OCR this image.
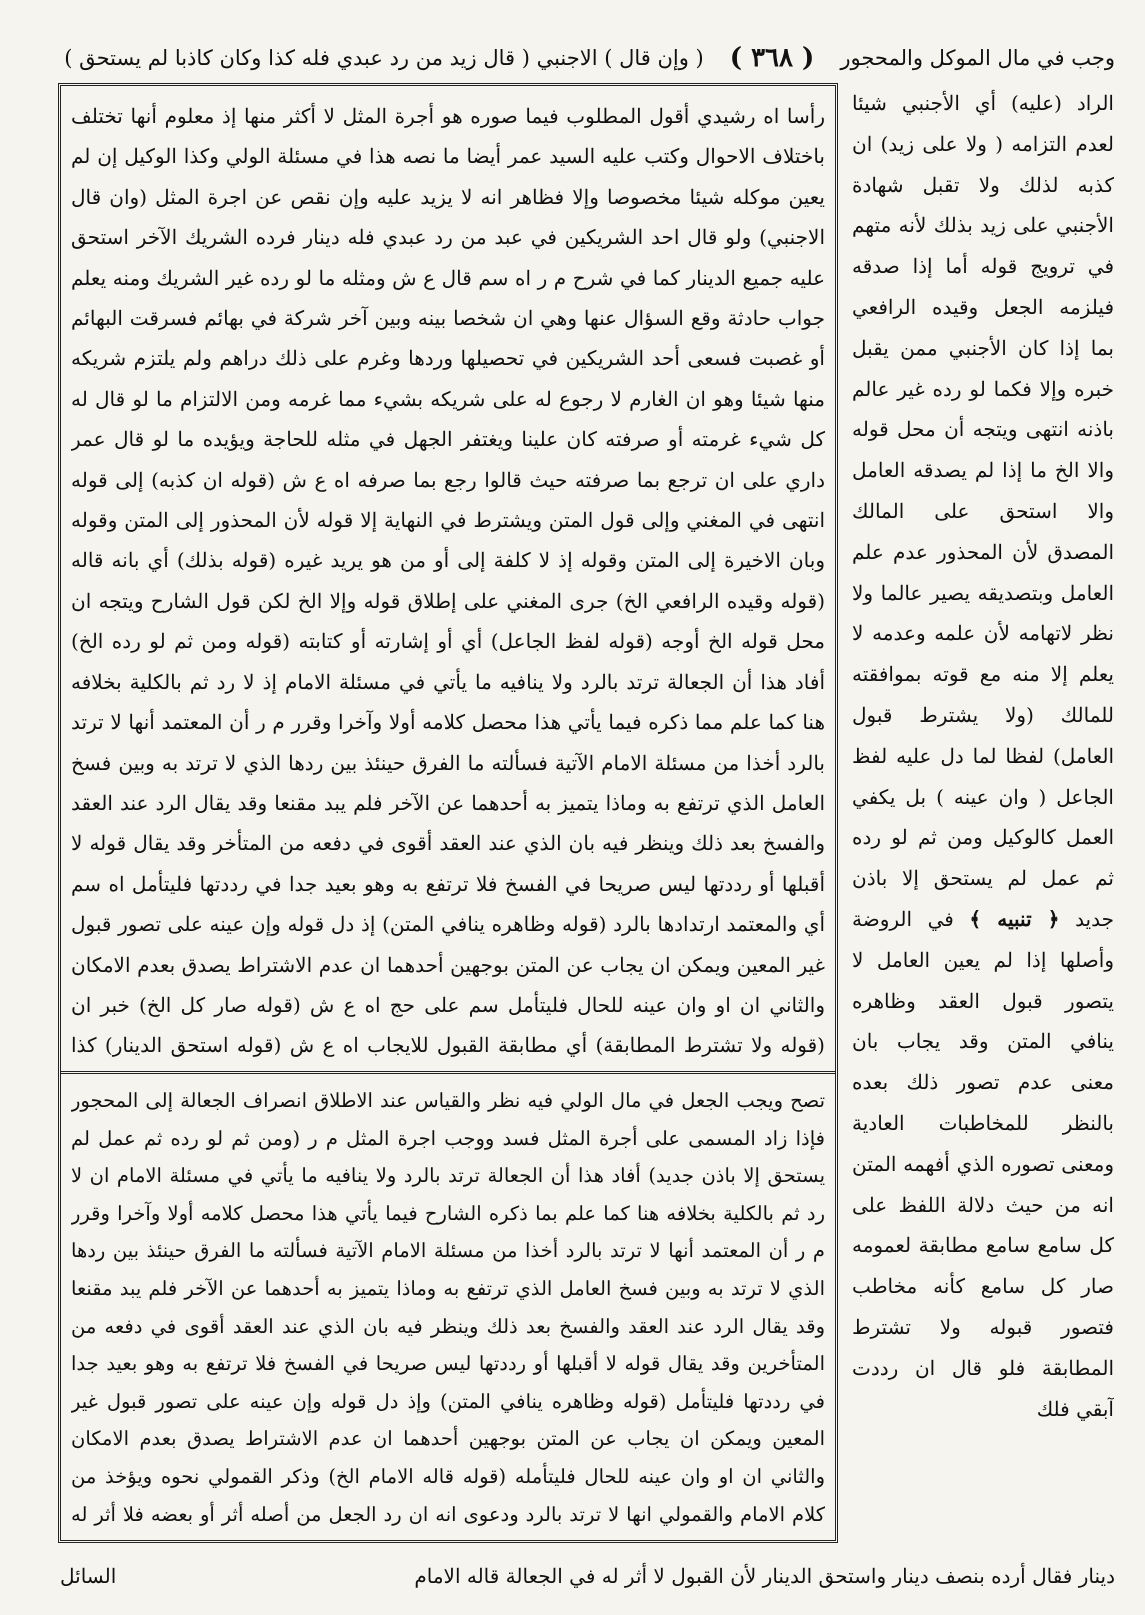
وجب في مال الموكل والمحجور
( ٣٦٨ )
( وإن قال ) الاجنبي ( قال زيد من رد عبدي فله كذا وكان كاذبا لم يستحق )
رأسا اه رشيدي أقول المطلوب فيما صوره هو أجرة المثل لا أكثر منها إذ معلوم أنها تختلف باختلاف الاحوال وكتب عليه السيد عمر أيضا ما نصه هذا في مسئلة الولي وكذا الوكيل إن لم يعين موكله شيئا مخصوصا وإلا فظاهر انه لا يزيد عليه وإن نقص عن اجرة المثل (وان قال الاجنبي) ولو قال احد الشريكين في عبد من رد عبدي فله دينار فرده الشريك الآخر استحق عليه جميع الدينار كما في شرح م ر اه سم قال ع ش ومثله ما لو رده غير الشريك ومنه يعلم جواب حادثة وقع السؤال عنها وهي ان شخصا بينه وبين آخر شركة في بهائم فسرقت البهائم أو غصبت فسعى أحد الشريكين في تحصيلها وردها وغرم على ذلك دراهم ولم يلتزم شريكه منها شيئا وهو ان الغارم لا رجوع له على شريكه بشيء مما غرمه ومن الالتزام ما لو قال له كل شيء غرمته أو صرفته كان علينا ويغتفر الجهل في مثله للحاجة ويؤيده ما لو قال عمر داري على ان ترجع بما صرفته حيث قالوا رجع بما صرفه اه ع ش (قوله ان كذبه) إلى قوله انتهى في المغني وإلى قول المتن ويشترط في النهاية إلا قوله لأن المحذور إلى المتن وقوله وبان الاخيرة إلى المتن وقوله إذ لا كلفة إلى أو من هو يريد غيره (قوله بذلك) أي بانه قاله (قوله وقيده الرافعي الخ) جرى المغني على إطلاق قوله وإلا الخ لكن قول الشارح ويتجه ان محل قوله الخ أوجه (قوله لفظ الجاعل) أي أو إشارته أو كتابته (قوله ومن ثم لو رده الخ) أفاد هذا أن الجعالة ترتد بالرد ولا ينافيه ما يأتي في مسئلة الامام إذ لا رد ثم بالكلية بخلافه هنا كما علم مما ذكره فيما يأتي هذا محصل كلامه أولا وآخرا وقرر م ر أن المعتمد أنها لا ترتد بالرد أخذا من مسئلة الامام الآتية فسألته ما الفرق حينئذ بين ردها الذي لا ترتد به وبين فسخ العامل الذي ترتفع به وماذا يتميز به أحدهما عن الآخر فلم يبد مقنعا وقد يقال الرد عند العقد والفسخ بعد ذلك وينظر فيه بان الذي عند العقد أقوى في دفعه من المتأخر وقد يقال قوله لا أقبلها أو رددتها ليس صريحا في الفسخ فلا ترتفع به وهو بعيد جدا في رددتها فليتأمل اه سم أي والمعتمد ارتدادها بالرد (قوله وظاهره ينافي المتن) إذ دل قوله وإن عينه على تصور قبول غير المعين ويمكن ان يجاب عن المتن بوجهين أحدهما ان عدم الاشتراط يصدق بعدم الامكان والثاني ان او وان عينه للحال فليتأمل سم على حج اه ع ش (قوله صار كل الخ) خبر ان (قوله ولا تشترط المطابقة) أي مطابقة القبول للايجاب اه ع ش (قوله استحق الدينار) كذا
تصح ويجب الجعل في مال الولي فيه نظر والقياس عند الاطلاق انصراف الجعالة إلى المحجور فإذا زاد المسمى على أجرة المثل فسد ووجب اجرة المثل م ر (ومن ثم لو رده ثم عمل لم يستحق إلا باذن جديد) أفاد هذا أن الجعالة ترتد بالرد ولا ينافيه ما يأتي في مسئلة الامام ان لا رد ثم بالكلية بخلافه هنا كما علم بما ذكره الشارح فيما يأتي هذا محصل كلامه أولا وآخرا وقرر م ر أن المعتمد أنها لا ترتد بالرد أخذا من مسئلة الامام الآتية فسألته ما الفرق حينئذ بين ردها الذي لا ترتد به وبين فسخ العامل الذي ترتفع به وماذا يتميز به أحدهما عن الآخر فلم يبد مقنعا وقد يقال الرد عند العقد والفسخ بعد ذلك وينظر فيه بان الذي عند العقد أقوى في دفعه من المتأخرين وقد يقال قوله لا أقبلها أو رددتها ليس صريحا في الفسخ فلا ترتفع به وهو بعيد جدا في رددتها فليتأمل (قوله وظاهره ينافي المتن) وإذ دل قوله وإن عينه على تصور قبول غير المعين ويمكن ان يجاب عن المتن بوجهين أحدهما ان عدم الاشتراط يصدق بعدم الامكان والثاني ان او وان عينه للحال فليتأمله (قوله قاله الامام الخ) وذكر القمولي نحوه ويؤخذ من كلام الامام والقمولي انها لا ترتد بالرد ودعوى انه ان رد الجعل من أصله أثر أو بعضه فلا أثر له
الراد (عليه) أي الأجنبي شيئا لعدم التزامه ( ولا على زيد) ان كذبه لذلك ولا تقبل شهادة الأجنبي على زيد بذلك لأنه متهم في ترويج قوله أما إذا صدقه فيلزمه الجعل وقيده الرافعي بما إذا كان الأجنبي ممن يقبل خبره وإلا فكما لو رده غير عالم باذنه انتهى ويتجه أن محل قوله والا الخ ما إذا لم يصدقه العامل والا استحق على المالك المصدق لأن المحذور عدم علم العامل وبتصديقه يصير عالما ولا نظر لاتهامه لأن علمه وعدمه لا يعلم إلا منه مع قوته بموافقته للمالك (ولا يشترط قبول العامل) لفظا لما دل عليه لفظ الجاعل ( وان عينه ) بل يكفي العمل كالوكيل ومن ثم لو رده ثم عمل لم يستحق إلا باذن جديد ﴿ تنبيه ﴾ في الروضة وأصلها إذا لم يعين العامل لا يتصور قبول العقد وظاهره ينافي المتن وقد يجاب بان معنى عدم تصور ذلك بعده بالنظر للمخاطبات العادية ومعنى تصوره الذي أفهمه المتن انه من حيث دلالة اللفظ على كل سامع سامع مطابقة لعمومه صار كل سامع كأنه مخاطب فتصور قبوله ولا تشترط المطابقة فلو قال ان رددت آبقي فلك
دينار فقال أرده بنصف دينار واستحق الدينار لأن القبول لا أثر له في الجعالة قاله الامام
السائل
